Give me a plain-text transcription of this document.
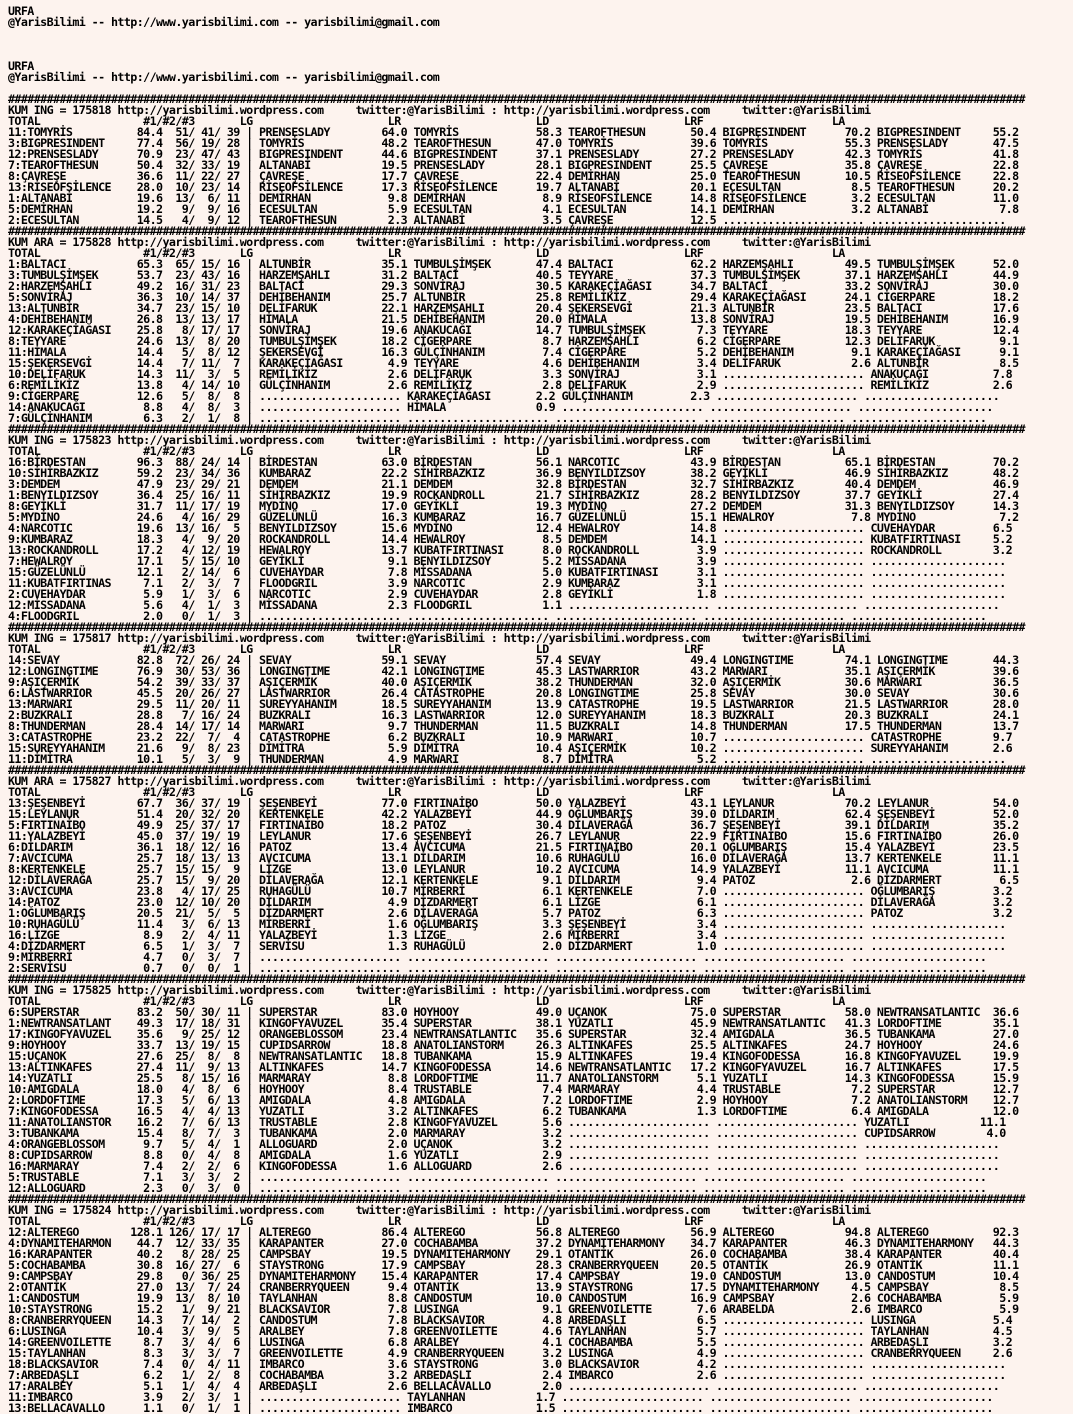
URFA
@YarisBilimi -- http://www.yarisbilimi.com -- yarisbilimi@gmail.com

URFA
@YarisBilimi -- http://www.yarisbilimi.com -- yarisbilimi@gmail.com

##############################################################################################################################################################
KUM ING = 175818 http://yarisbilimi.wordpress.com     twitter:@YarisBilimi : http://yarisbilimi.wordpress.com     twitter:@YarisBilimi
TOTAL                #1/#2/#3       LG                     LR                     LD                     LRF                    LA
11:TOMYRİS          84.4  51/ 41/ 39 | PRENSESLADY        64.0 TOMYRİS            58.3 TEAROFTHESUN       50.4 BIGPRESINDENT      70.2 BIGPRESINDENT     55.2
3:BIGPRESINDENT     77.4  56/ 19/ 28 | TOMYRİS            48.2 TEAROFTHESUN       47.0 TOMYRİS            39.6 TOMYRİS            55.3 PRENSESLADY       47.5
12:PRENSESLADY      70.9  23/ 47/ 43 | BIGPRESINDENT      44.6 BIGPRESINDENT      37.1 PRENSESLADY        27.2 PRENSESLADY        42.3 TOMYRİS           41.8
7:TEAROFTHESUN      50.4  32/ 33/ 19 | ALTANABİ           19.5 PRENSESLADY        28.1 BIGPRESINDENT      25.5 ÇAVREŞE            35.8 ÇAVREŞE           22.8
8:ÇAVREŞE           36.6  11/ 22/ 27 | ÇAVREŞE            17.7 ÇAVREŞE            22.4 DEMİRHAN           25.0 TEAROFTHESUN       10.5 RİSEOFSİLENCE     22.8
13:RİSEOFSİLENCE    28.0  10/ 23/ 14 | RİSEOFSİLENCE      17.3 RİSEOFSİLENCE      19.7 ALTANABİ           20.1 ECESULTAN           8.5 TEAROFTHESUN      20.2
1:ALTANABİ          19.6  13/  6/ 11 | DEMİRHAN            9.8 DEMİRHAN            8.9 RİSEOFSİLENCE      14.8 RİSEOFSİLENCE       3.2 ECESULTAN         11.0
5:DEMİRHAN          19.2   9/  9/ 16 | ECESULTAN           5.9 ECESULTAN           4.1 ECESULTAN          14.1 DEMİRHAN            3.2 ALTANABİ           7.8
2:ECESULTAN         14.5   4/  9/ 12 | TEAROFTHESUN        2.3 ALTANABİ            3.5 ÇAVREŞE            12.5 ...................... .....................
##############################################################################################################################################################
KUM ARA = 175828 http://yarisbilimi.wordpress.com     twitter:@YarisBilimi : http://yarisbilimi.wordpress.com     twitter:@YarisBilimi
TOTAL                #1/#2/#3       LG                     LR                     LD                     LRF                    LA
1:BALTACI           65.3  65/ 15/ 16 | ALTUNBİR           35.1 TUMBULŞİMŞEK       47.4 BALTACI            62.2 HARZEMŞAHLI        49.5 TUMBULŞİMŞEK      52.0
3:TUMBULŞİMŞEK      53.7  23/ 43/ 16 | HARZEMŞAHLI        31.2 BALTACI            40.5 TEYYARE            37.3 TUMBULŞİMŞEK       37.1 HARZEMŞAHLI       44.9
2:HARZEMŞAHLI       49.2  16/ 31/ 23 | BALTACI            29.3 SONVİRAJ           30.5 KARAKEÇİAĞASI      34.7 BALTACI            33.2 SONVİRAJ          30.0
5:SONVİRAJ          36.3  10/ 14/ 37 | DEHİBEHANIM        25.7 ALTUNBİR           25.8 REMİLİKİZ          29.4 KARAKEÇİAĞASI      24.1 CİGERPARE         18.2
13:ALTUNBİR         34.7  23/ 15/ 10 | DELİFARUK          22.1 HARZEMŞAHLI        20.4 ŞEKERSEVGİ         21.3 ALTUNBİR           23.5 BALTACI           17.6
4:DEHİBEHANIM       26.8  13/ 13/ 17 | HİMALA             21.5 DEHİBEHANIM        20.0 HİMALA             13.8 SONVİRAJ           19.5 DEHİBEHANIM       16.9
12:KARAKEÇİAĞASI    25.8   8/ 17/ 17 | SONVİRAJ           19.6 ANAKUCAĞI          14.7 TUMBULŞİMŞEK        7.3 TEYYARE            18.3 TEYYARE           12.4
8:TEYYARE           24.6  13/  8/ 20 | TUMBULŞİMŞEK       18.2 CİGERPARE           8.7 HARZEMŞAHLI         6.2 CİGERPARE          12.3 DELİFARUK          9.1
11:HİMALA           14.4   5/  8/ 12 | ŞEKERSEVGİ         16.3 GÜLÇİNHANIM         7.4 CİGERPARE           5.2 DEHİBEHANIM         9.1 KARAKEÇİAĞASI      9.1
15:ŞEKERSEVGİ       14.4   7/ 11/  7 | KARAKEÇİAĞASI       4.9 TEYYARE             4.6 DEHİBEHANIM         3.4 DELİFARUK           2.6 ALTUNBİR           8.5
10:DELİFARUK        14.3  11/  3/  5 | REMİLİKİZ           2.6 DELİFARUK           3.3 SONVİRAJ            3.1 ...................... ANAKUCAĞI          7.8
6:REMİLİKİZ         13.8   4/ 14/ 10 | GÜLÇİNHANIM         2.6 REMİLİKİZ           2.8 DELİFARUK           2.9 ...................... REMİLİKİZ          2.6
9:CİGERPARE         12.6   5/  8/  8 | ...................... KARAKEÇİAĞASI       2.2 GÜLÇİNHANIM         2.3 ...................... .....................
14:ANAKUCAĞI         8.8   4/  8/  3 | ...................... HİMALA              0.9 ...................... ...................... .....................
7:GÜLÇİNHANIM        6.3   2/  1/  8 | ...................... ...................... ...................... ...................... .....................
##############################################################################################################################################################
KUM ING = 175823 http://yarisbilimi.wordpress.com     twitter:@YarisBilimi : http://yarisbilimi.wordpress.com     twitter:@YarisBilimi
TOTAL                #1/#2/#3       LG                     LR                     LD                     LRF                    LA
16:BİRDESTAN        96.3  88/ 24/ 14 | BİRDESTAN          63.0 BİRDESTAN          56.1 NARCOTIC           43.9 BİRDESTAN          65.1 BİRDESTAN         70.2
10:SİHİRBAZKIZ      59.2  23/ 34/ 36 | KUMBARAZ           22.2 SİHİRBAZKIZ        36.9 BENYILDIZSOY       38.2 GEYİKLİ            46.9 SİHİRBAZKIZ       48.2
3:DEMDEM            47.9  23/ 29/ 21 | DEMDEM             21.1 DEMDEM             32.8 BİRDESTAN          32.7 SİHİRBAZKIZ        40.4 DEMDEM            46.9
1:BENYILDIZSOY      36.4  25/ 16/ 11 | SİHİRBAZKIZ        19.9 ROCKANDROLL        21.7 SİHİRBAZKIZ        28.2 BENYILDIZSOY       37.7 GEYİKLİ           27.4
8:GEYİKLİ           31.7  11/ 17/ 19 | MYDİNO             17.0 GEYİKLİ            19.3 MYDİNO             27.2 DEMDEM             31.3 BENYILDIZSOY      14.3
5:MYDİNO            24.6   4/ 16/ 29 | GÜZELÜNLÜ          16.3 KUMBARAZ           16.7 GÜZELÜNLÜ          15.1 HEWALROY            7.8 MYDİNO             7.2
4:NARCOTIC          19.6  13/ 16/  5 | BENYILDIZSOY       15.6 MYDİNO             12.4 HEWALROY           14.8 ...................... CUVEHAYDAR         6.5
9:KUMBARAZ          18.3   4/  9/ 20 | ROCKANDROLL        14.4 HEWALROY            8.5 DEMDEM             14.1 ...................... KUBATFIRTINASI     5.2
13:ROCKANDROLL      17.2   4/ 12/ 19 | HEWALROY           13.7 KUBATFIRTINASI      8.0 ROCKANDROLL         3.9 ...................... ROCKANDROLL        3.2
7:HEWALROY          17.1   5/ 15/ 10 | GEYİKLİ             9.1 BENYILDIZSOY        5.2 MİSSADANA           3.9 ...................... .....................
15:GÜZELÜNLÜ        12.1   2/ 14/  6 | CUVEHAYDAR          7.8 MİSSADANA           5.0 KUBATFIRTINASI      3.1 ...................... .....................
11:KUBATFIRTINAS     7.1   2/  3/  7 | FLOODGRIL           3.9 NARCOTIC            2.9 KUMBARAZ            3.1 ...................... .....................
2:CUVEHAYDAR         5.9   1/  3/  6 | NARCOTIC            2.9 CUVEHAYDAR          2.8 GEYİKLİ             1.8 ...................... .....................
12:MİSSADANA         5.6   4/  1/  3 | MİSSADANA           2.3 FLOODGRIL           1.1 ...................... ...................... .....................
4:FLOODGRIL          2.0   0/  1/  3 | ...................... ...................... ...................... ...................... .....................
##############################################################################################################################################################
KUM ING = 175817 http://yarisbilimi.wordpress.com     twitter:@YarisBilimi : http://yarisbilimi.wordpress.com     twitter:@YarisBilimi
TOTAL                #1/#2/#3       LG                     LR                     LD                     LRF                    LA
14:SEVAY            82.8  72/ 26/ 24 | SEVAY              59.1 SEVAY              57.4 SEVAY              49.4 LONGINGTIME        74.1 LONGINGTIME       44.3
12:LONGINGTIME      76.9  30/ 53/ 36 | LONGINGTIME        42.1 LONGINGTIME        45.3 LASTWARRIOR        43.2 MARWARI            35.1 AŞIÇERMİK         39.6
9:AŞIÇERMİK         54.2  39/ 33/ 37 | AŞIÇERMİK          40.0 AŞIÇERMİK          38.2 THUNDERMAN         32.0 AŞIÇERMİK          30.6 MARWARI           36.5
6:LASTWARRIOR       45.5  20/ 26/ 27 | LASTWARRIOR        26.4 CATASTROPHE        20.8 LONGINGTIME        25.8 SEVAY              30.0 SEVAY             30.6
13:MARWARI          29.5  11/ 20/ 11 | SUREYYAHANIM       18.5 SUREYYAHANIM       13.9 CATASTROPHE        19.5 LASTWARRIOR        21.5 LASTWARRIOR       28.0
2:BUZKRALI          28.8   7/ 16/ 24 | BUZKRALI           16.3 LASTWARRIOR        12.0 SUREYYAHANIM       18.3 BUZKRALI           20.3 BUZKRALI          24.1
8:THUNDERMAN        28.4  14/ 17/ 14 | MARWARI             9.7 THUNDERMAN         11.5 BUZKRALI           14.8 THUNDERMAN         17.5 THUNDERMAN        13.7
3:CATASTROPHE       23.2  22/  7/  4 | CATASTROPHE         6.2 BUZKRALI           10.9 MARWARI            10.7 ...................... CATASTROPHE        9.7
15:SUREYYAHANIM     21.6   9/  8/ 23 | DİMİTRA             5.9 DİMİTRA            10.4 AŞIÇERMİK          10.2 ...................... SUREYYAHANIM       2.6
11:DİMİTRA          10.1   5/  3/  9 | THUNDERMAN          4.9 MARWARI             8.7 DİMİTRA             5.2 ...................... .....................
##############################################################################################################################################################
KUM ARA = 175827 http://yarisbilimi.wordpress.com     twitter:@YarisBilimi : http://yarisbilimi.wordpress.com     twitter:@YarisBilimi
TOTAL                #1/#2/#3       LG                     LR                     LD                     LRF                    LA
13:ŞEŞENBEYİ        67.7  36/ 37/ 19 | ŞEŞENBEYİ          77.0 FIRTINAİBO         50.0 YALAZBEYİ          43.1 LEYLANUR           70.2 LEYLANUR          54.0
15:LEYLANUR         51.4  20/ 32/ 20 | KERTENKELE         42.2 YALAZBEYİ          44.9 OĞLUMBARIŞ         39.0 DİLDARIM           62.4 ŞEŞENBEYİ         52.0
5:FIRTINAİBO        49.9  25/ 37/ 17 | FIRTINAİBO         18.2 PATOZ              30.4 DİLAVERAĞA         36.7 ŞEŞENBEYİ          39.1 DİLDARIM          35.2
11:YALAZBEYİ        45.0  37/ 19/ 19 | LEYLANUR           17.6 ŞEŞENBEYİ          26.7 LEYLANUR           22.9 FIRTINAİBO         15.6 FIRTINAİBO        26.0
6:DİLDARIM          36.1  18/ 12/ 16 | PATOZ              13.4 AVCICUMA           21.5 FIRTINAİBO         20.1 OĞLUMBARIŞ         15.4 YALAZBEYİ         23.5
7:AVCICUMA          25.7  18/ 13/ 13 | AVCICUMA           13.1 DİLDARIM           10.6 RUHAGÜLÜ           16.0 DİLAVERAĞA         13.7 KERTENKELE        11.1
8:KERTENKELE        25.7  15/ 15/  9 | LİZGE              13.0 LEYLANUR           10.2 AVCICUMA           14.9 YALAZBEYİ          11.1 AVCICUMA          11.1
12:DİLAVERAĞA       25.7  15/  9/ 20 | DİLAVERAĞA         12.1 KERTENKELE          9.1 DİLDARIM            9.4 PATOZ               2.6 DİZDARMERT         6.5
3:AVCICUMA          23.8   4/ 17/ 25 | RUHAGÜLÜ           10.7 MİRBERRİ            6.1 KERTENKELE          7.0 ...................... OĞLUMBARIŞ         3.2
14:PATOZ            23.0  12/ 10/ 20 | DİLDARIM            4.9 DİZDARMERT          6.1 LİZGE               6.1 ...................... DİLAVERAĞA         3.2
1:OĞLUMBARIŞ        20.5  21/  5/  5 | DİZDARMERT          2.6 DİLAVERAĞA          5.7 PATOZ               6.3 ...................... PATOZ              3.2
10:RUHAGÜLÜ         11.4   3/  6/ 13 | MİRBERRİ            1.6 OĞLUMBARIŞ          3.3 ŞEŞENBEYİ           3.4 ...................... .....................
16:LİZGE             8.9   2/  4/ 11 | YALAZBEYİ           1.3 LİZGE               2.6 MİRBERRİ            3.4 ...................... .....................
4:DİZDARMERT         6.5   1/  3/  7 | SERVİSU             1.3 RUHAGÜLÜ            2.0 DİZDARMERT          1.0 ...................... .....................
9:MİRBERRİ           4.7   0/  3/  7 | ...................... ...................... ...................... ...................... .....................
2:SERVİSU            0.7   0/  0/  1 | ...................... ...................... ...................... ...................... .....................
##############################################################################################################################################################
KUM ING = 175825 http://yarisbilimi.wordpress.com     twitter:@YarisBilimi : http://yarisbilimi.wordpress.com     twitter:@YarisBilimi
TOTAL                #1/#2/#3       LG                     LR                     LD                     LRF                    LA
6:SUPERSTAR         83.2  50/ 30/ 11 | SUPERSTAR          83.0 HOYHOOY            49.0 UÇANOK             75.0 SUPERSTAR          58.0 NEWTRANSATLANTIC  36.6
1:NEWTRANSATLANT    49.3  17/ 18/ 31 | KINGOFYAVUZEL      35.4 SUPERSTAR          38.1 YUZATLI            45.9 NEWTRANSATLANTIC   41.3 LORDOFTIME        35.1
17:KINGOFYAVUZEL    35.6   9/ 25/ 12 | ORANGEBLOSSOM      23.4 NEWTRANSATLANTIC   35.6 SUPERSTAR          32.4 AMIGDALA           36.5 TUBANKAMA         27.0
9:HOYHOOY           33.7  13/ 19/ 15 | CUPIDSARROW        18.8 ANATOLIANSTORM     26.3 ALTINKAFES         25.5 ALTINKAFES         24.7 HOYHOOY           24.6
15:UÇANOK           27.6  25/  8/  8 | NEWTRANSATLANTIC   18.8 TUBANKAMA          15.9 ALTINKAFES         19.4 KINGOFODESSA       16.8 KINGOFYAVUZEL     19.9
13:ALTINKAFES       27.4  11/  9/ 13 | ALTINKAFES         14.7 KINGOFODESSA       14.6 NEWTRANSATLANTIC   17.2 KINGOFYAVUZEL      16.7 ALTINKAFES        17.5
14:YUZATLI          25.5   8/ 15/ 16 | MARMARAY            8.8 LORDOFTIME         11.7 ANATOLIANSTORM      5.1 YUZATLI            14.3 KINGOFODESSA      15.9
10:AMIGDALA         18.0   4/  8/  6 | HOYHOOY             8.4 TRUSTABLE           7.4 MARMARAY            4.4 TRUSTABLE           7.2 SUPERSTAR         12.7
2:LORDOFTIME        17.3   5/  6/ 13 | AMIGDALA            4.8 AMIGDALA            7.2 LORDOFTIME          2.9 HOYHOOY             7.2 ANATOLIANSTORM    12.7
7:KINGOFODESSA      16.5   4/  4/ 13 | YUZATLI             3.2 ALTINKAFES          6.2 TUBANKAMA           1.3 LORDOFTIME          6.4 AMIGDALA          12.0
11:ANATOLIANSTOR    16.2   7/  6/ 13 | TRUSTABLE           2.8 KINGOFYAVUZEL       5.6 ...................... ...................... YUZATLI           11.1
3:TUBANKAMA         15.4   8/  7/  3 | TUBANKAMA           2.0 MARMARAY            3.2 ...................... ...................... CUPIDSARROW        4.0
4:ORANGEBLOSSOM      9.7   5/  4/  1 | ALLOGUARD           2.0 UÇANOK              3.2 ...................... ...................... .....................
8:CUPIDSARROW        8.8   0/  4/  8 | AMIGDALA            1.6 YUZATLI             2.9 ...................... ...................... .....................
16:MARMARAY          7.4   2/  2/  6 | KINGOFODESSA        1.6 ALLOGUARD           2.6 ...................... ...................... .....................
5:TRUSTABLE          7.1   3/  3/  2 | ...................... ...................... ...................... ...................... .....................
12:ALLOGUARD         2.3   0/  3/  0 | ...................... ...................... ...................... ...................... .....................
##############################################################################################################################################################
KUM ING = 175824 http://yarisbilimi.wordpress.com     twitter:@YarisBilimi : http://yarisbilimi.wordpress.com     twitter:@YarisBilimi
TOTAL                #1/#2/#3       LG                     LR                     LD                     LRF                    LA
12:ALTEREGO        128.1 126/ 17/ 17 | ALTEREGO           86.4 ALTEREGO           56.8 ALTEREGO           56.9 ALTEREGO           94.8 ALTEREGO          92.3
4:DYNAMITEHARMON    44.7  12/ 33/ 35 | KARAPANTER         27.0 COCHABAMBA         37.2 DYNAMITEHARMONY    34.7 KARAPANTER         46.3 DYNAMITEHARMONY   44.3
16:KARAPANTER       40.2   8/ 28/ 25 | CAMPSBAY           19.5 DYNAMITEHARMONY    29.1 OTANTİK            26.0 COCHABAMBA         38.4 KARAPANTER        40.4
5:COCHABAMBA        30.8  16/ 27/  6 | STAYSTRONG         17.9 CAMPSBAY           28.3 CRANBERRYQUEEN     20.5 OTANTİK            26.9 OTANTİK           11.1
9:CAMPSBAY          29.8   0/ 36/ 25 | DYNAMITEHARMONY    15.4 KARAPANTER         17.4 CAMPSBAY           19.0 CANDOSTUM          13.0 CANDOSTUM         10.4
2:OTANTİK           27.0  13/  7/ 24 | CRANBERRYQUEEN      9.4 OTANTİK            13.9 STAYSTRONG         17.5 DYNAMITEHARMONY     4.5 CAMPSBAY           8.5
1:CANDOSTUM         19.9  13/  8/ 10 | TAYLANHAN           8.8 CANDOSTUM          10.0 CANDOSTUM          16.9 CAMPSBAY            2.6 COCHABAMBA         5.9
10:STAYSTRONG       15.2   1/  9/ 21 | BLACKSAVIOR         7.8 LUSINGA             9.1 GREENVOILETTE       7.6 ARABELDA            2.6 IMBARCO            5.9
8:CRANBERRYQUEEN    14.3   7/ 14/  2 | CANDOSTUM           7.8 BLACKSAVIOR         4.8 ARBEDAŞLI           6.5 ...................... LUSINGA            5.4
6:LUSINGA           10.4   3/  9/  5 | ARALBEY             7.8 GREENVOILETTE       4.6 TAYLANHAN           5.7 ...................... TAYLANHAN          4.5
14:GREENVOILETTE     8.7   3/  4/  6 | LUSINGA             6.8 ARALBEY             4.1 COCHABAMBA          5.5 ...................... ARBEDAŞLI          3.2
15:TAYLANHAN         8.3   3/  3/  7 | GREENVOILETTE       4.9 CRANBERRYQUEEN      3.2 LUSINGA             4.9 ...................... CRANBERRYQUEEN     2.6
18:BLACKSAVIOR       7.4   0/  4/ 11 | IMBARCO             3.6 STAYSTRONG          3.0 BLACKSAVIOR         4.2 ...................... .....................
7:ARBEDAŞLI          6.2   1/  2/  8 | COCHABAMBA          3.2 ARBEDAŞLI           2.4 IMBARCO             2.6 ...................... .....................
17:ARALBEY           5.1   1/  4/  4 | ARBEDAŞLI           2.6 BELLACAVALLO        2.0 ...................... ...................... .....................
11:IMBARCO           3.9   2/  3/  1 | ...................... TAYLANHAN           1.7 ...................... ...................... .....................
13:BELLACAVALLO      1.1   0/  1/  1 | ...................... IMBARCO             1.5 ...................... ...................... .....................
